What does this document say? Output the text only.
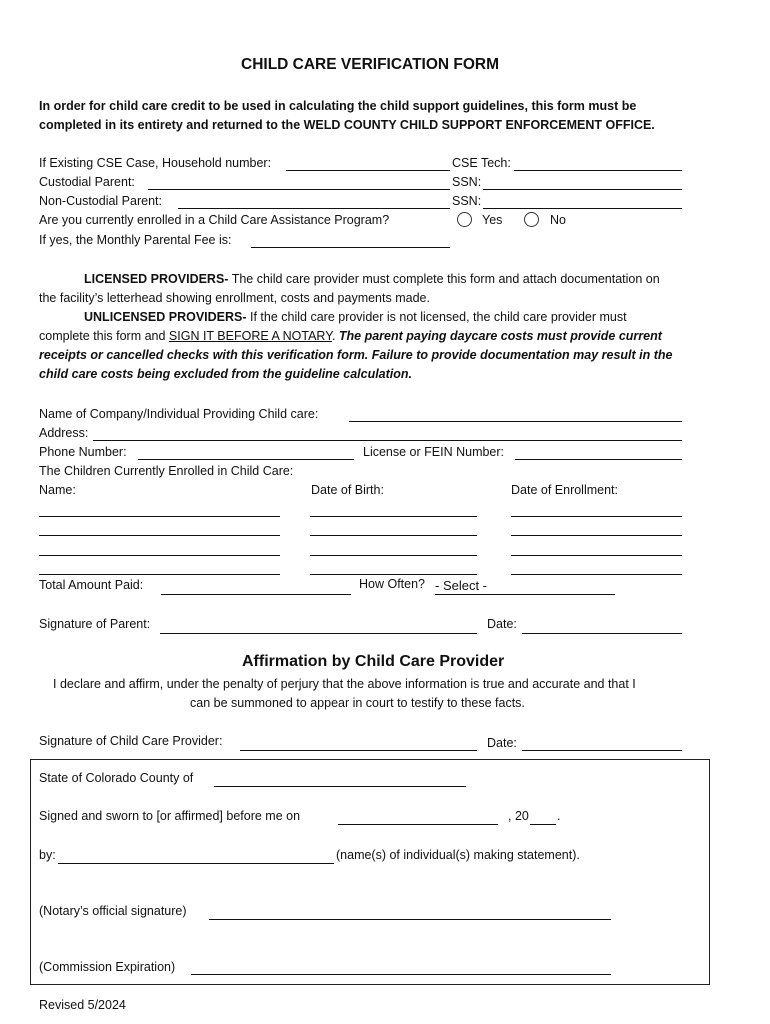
CHILD CARE VERIFICATION FORM
In order for child care credit to be used in calculating the child support guidelines, this form must be
completed in its entirety and returned to the WELD COUNTY CHILD SUPPORT ENFORCEMENT OFFICE.
If Existing CSE Case, Household number:	CSE Tech:
Custodial Parent:	SSN:
Non-Custodial Parent:	SSN:
Are you currently enrolled in a Child Care Assistance Program?	Yes	No
If yes, the Monthly Parental Fee is:
LICENSED PROVIDERS- The child care provider must complete this form and attach documentation on
the facility’s letterhead showing enrollment, costs and payments made.
UNLICENSED PROVIDERS- If the child care provider is not licensed, the child care provider must
complete this form and SIGN IT BEFORE A NOTARY. The parent paying daycare costs must provide current
receipts or cancelled checks with this verification form. Failure to provide documentation may result in the
child care costs being excluded from the guideline calculation.
Name of Company/Individual Providing Child care:
Address:
Phone Number:	License or FEIN Number:
The Children Currently Enrolled in Child Care:
Name:	Date of Birth:	Date of Enrollment:
Total Amount Paid:	How Often? - Select -
Signature of Parent:	Date:
Affirmation by Child Care Provider
I declare and affirm, under the penalty of perjury that the above information is true and accurate and that I
can be summoned to appear in court to testify to these facts.
Signature of Child Care Provider:	Date:
State of Colorado County of
Signed and sworn to [or affirmed] before me on	, 20 .
by:	(name(s) of individual(s) making statement).
(Notary’s official signature)
(Commission Expiration)
Revised 5/2024
